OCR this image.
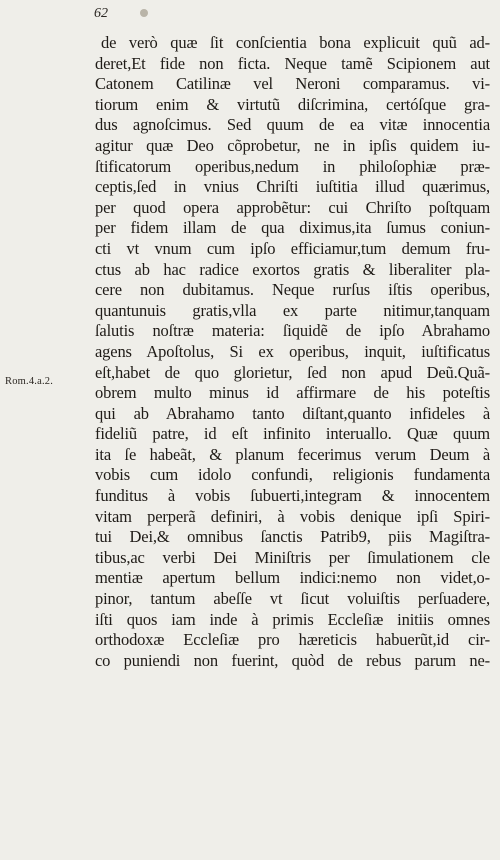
62
Rom.4.a.2.
de verò quæ ſit conſcientia bona explicuit quũ ad-
deret,Et fide non ficta. Neque tamẽ Scipionem aut
Catonem Catilinæ vel Neroni comparamus. vi-
tiorum enim & virtutũ diſcrimina, certóſque gra-
dus agnoſcimus. Sed quum de ea vitæ innocentia
agitur quæ Deo cõprobetur, ne in ipſis quidem iu-
ſtificatorum operibus,nedum in philoſophiæ præ-
ceptis,ſed in vnius Chriſti iuſtitia illud quærimus,
per quod opera approbẽtur: cui Chriſto poſtquam
per fidem illam de qua diximus,ita ſumus coniun-
cti vt vnum cum ipſo efficiamur,tum demum fru-
ctus ab hac radice exortos gratis & liberaliter pla-
cere non dubitamus. Neque rurſus iſtis operibus,
quantunuis gratis,vlla ex parte nitimur,tanquam
ſalutis noſtræ materia: ſiquidẽ de ipſo Abrahamo
agens Apoſtolus, Si ex operibus, inquit, iuſtificatus
eſt,habet de quo glorietur, ſed non apud Deũ.Quã-
obrem multo minus id affirmare de his poteſtis
qui ab Abrahamo tanto diſtant,quanto infideles à
fideliũ patre, id eſt infinito interuallo. Quæ quum
ita ſe habeãt, & planum fecerimus verum Deum à
vobis cum idolo confundi, religionis fundamenta
funditus à vobis ſubuerti,integram & innocentem
vitam perperã definiri, à vobis denique ipſi Spiri-
tui Dei,& omnibus ſanctis Patrib9, piis Magiſtra-
tibus,ac verbi Dei Miniſtris per ſimulationem cle
mentiæ apertum bellum indici:nemo non videt,o-
pinor, tantum abeſſe vt ſicut voluiſtis perſuadere,
iſti quos iam inde à primis Eccleſiæ initiis omnes
orthodoxæ Eccleſiæ pro hæreticis habuerũt,id cir-
co puniendi non fuerint, quòd de rebus parum ne-
